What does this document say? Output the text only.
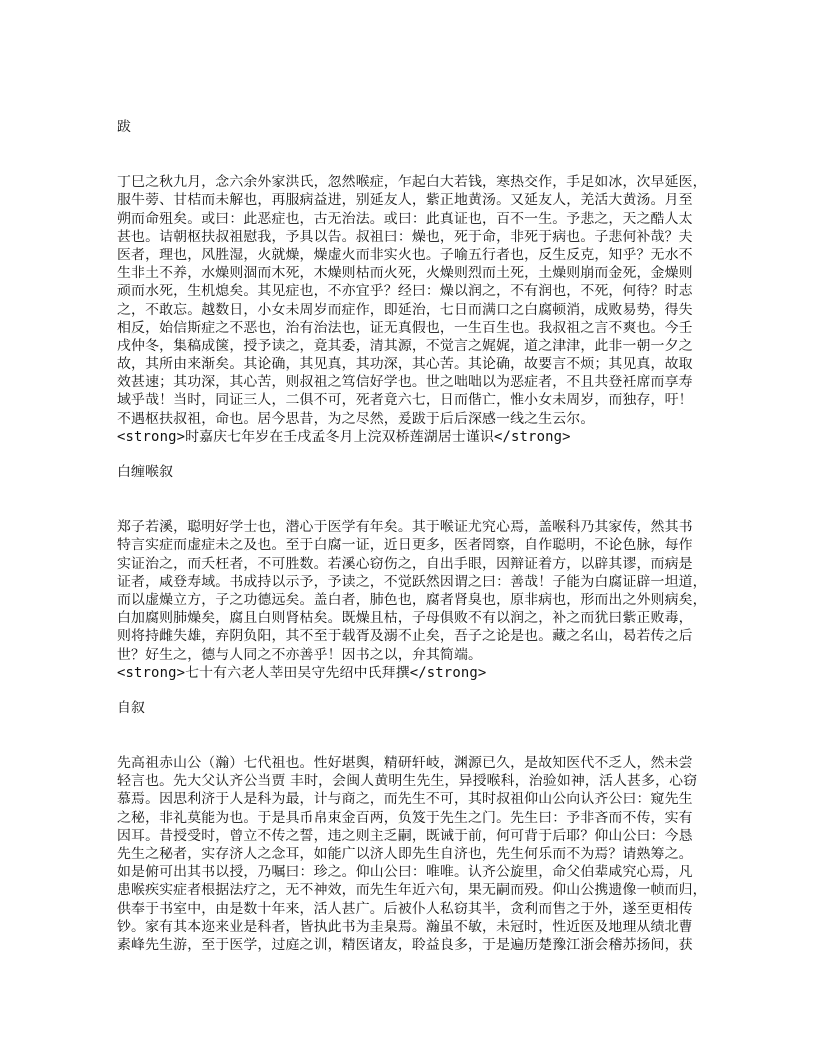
跋
丁巳之秋九月，念六余外家洪氏，忽然喉症，乍起白大若钱，寒热交作，手足如冰，次早延医，
服牛蒡、甘桔而未解也，再服病益进，别延友人，紫正地黄汤。又延友人，羌活大黄汤。月至
朔而命殂矣。或曰：此恶症也，古无治法。或曰：此真证也，百不一生。予悲之，天之酷人太
甚也。诘朝枢扶叔祖慰我，予具以告。叔祖曰：燥也，死于命，非死于病也。子悲何补哉？夫
医者，理也，风胜湿，火就燥，燥虚火而非实火也。子喻五行者也，反生反克，知乎？无水不
生非土不养，水燥则涸而木死，木燥则枯而火死，火燥则烈而土死，土燥则崩而金死，金燥则
顽而水死，生机熄矣。其见症也，不亦宜乎？经曰：燥以润之，不有润也，不死，何待？时志
之，不敢忘。越数日，小女未周岁而症作，即延治，七日而满口之白腐顿消，成败易势，得失
相反，始信斯症之不恶也，治有治法也，证无真假也，一生百生也。我叔祖之言不爽也。今壬
戌仲冬，集稿成箧，授予读之，竟其委，清其源，不觉言之娓娓，道之津津，此非一朝一夕之
故，其所由来渐矣。其论确，其见真，其功深，其心苦。其论确，故要言不烦；其见真，故取
效甚速；其功深，其心苦，则叔祖之笃信好学也。世之咄咄以为恶症者，不且共登衽席而享寿
域乎哉！当时，同证三人，二俱不可，死者竟六七，日而偕亡，惟小女未周岁，而独存，吁！
不遇枢扶叔祖，命也。居今思昔，为之尽然，爰跋于后后深感一线之生云尔。
<strong>时嘉庆七年岁在壬戌孟冬月上浣双桥莲湖居士谨识</strong>
白缠喉叙
郑子若溪，聪明好学士也，潜心于医学有年矣。其于喉证尤究心焉，盖喉科乃其家传，然其书
特言实症而虚症未之及也。至于白腐一证，近日更多，医者罔察，自作聪明，不论色脉，每作
实证治之，而夭枉者，不可胜数。若溪心窃伤之，自出手眼，因辩证着方，以辟其谬，而病是
证者，咸登寿域。书成持以示予，予读之，不觉跃然因谓之曰：善哉！子能为白腐证辟一坦道，
而以虚燥立方，子之功德远矣。盖白者，肺色也，腐者肾臭也，原非病也，形而出之外则病矣，
白加腐则肺燥矣，腐且白则肾枯矣。既燥且枯，子母俱败不有以润之，补之而犹曰紫正败毒，
则将持雌失雄，弃阴负阳，其不至于载胥及溺不止矣，吾子之论是也。藏之名山，曷若传之后
世？好生之，德与人同之不亦善乎！因书之以，弁其简端。
<strong>七十有六老人莘田吴守先绍中氏拜撰</strong>
自叙
先高祖赤山公（瀚）七代祖也。性好堪舆，精研轩岐，渊源已久，是故知医代不乏人，然未尝
轻言也。先大父认齐公当贾 丰时，会闽人黄明生先生，异授喉科，治验如神，活人甚多，心窃
慕焉。因思利济于人是科为最，计与商之，而先生不可，其时叔祖仰山公向认齐公曰：窥先生
之秘，非礼莫能为也。于是具币帛束金百两，负笈于先生之门。先生曰：予非吝而不传，实有
因耳。昔授受时，曾立不传之誓，违之则主乏嗣，既诫于前，何可背于后耶？仰山公曰：今恳
先生之秘者，实存济人之念耳，如能广以济人即先生自济也，先生何乐而不为焉？请熟筹之。
如是俯可出其书以授，乃嘱曰：珍之。仰山公曰：唯唯。认齐公旋里，命父伯辈咸究心焉，凡
患喉疾实症者根据法疗之，无不神效，而先生年近六旬，果无嗣而殁。仰山公携遗像一帧而归，
供奉于书室中，由是数十年来，活人甚广。后被仆人私窃其半，贪利而售之于外，遂至更相传
钞。家有其本迩来业是科者，皆执此书为圭臬焉。瀚虽不敏，未冠时，性近医及地理从绩北曹
素峰先生游，至于医学，过庭之训，精医诸友，聆益良多，于是遍历楚豫江浙会稽苏扬间，获
